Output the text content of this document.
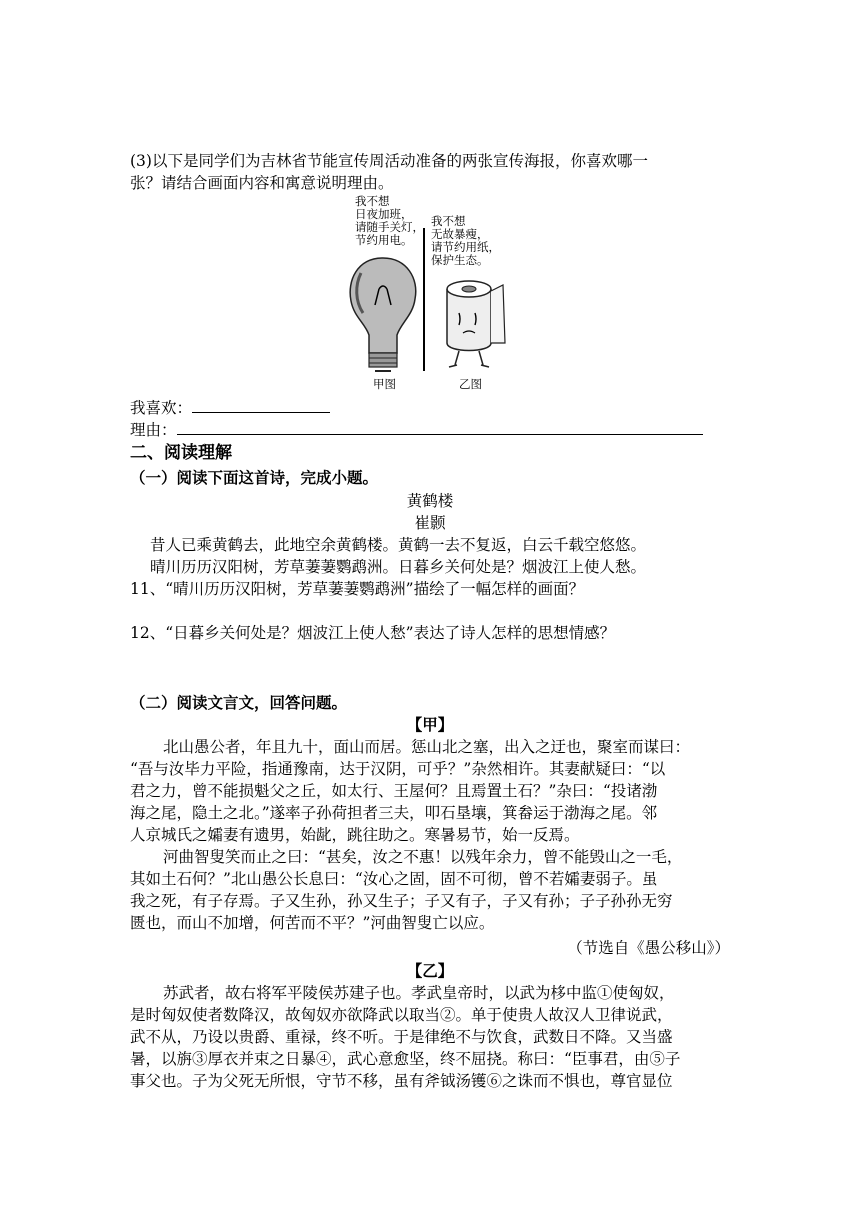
(3)以下是同学们为吉林省节能宣传周活动准备的两张宣传海报，你喜欢哪一
张？请结合画面内容和寓意说明理由。
我不想
日夜加班，
请随手关灯，
节约用电。
我不想
无故暴瘦，
请节约用纸，
保护生态。
甲图	乙图
我喜欢：
理由：
二、阅读理解
（一）阅读下面这首诗，完成小题。
黄鹤楼
崔颢
昔人已乘黄鹤去，此地空余黄鹤楼。黄鹤一去不复返，白云千载空悠悠。
晴川历历汉阳树，芳草萋萋鹦鹉洲。日暮乡关何处是？烟波江上使人愁。
11、“晴川历历汉阳树，芳草萋萋鹦鹉洲”描绘了一幅怎样的画面？
12、“日暮乡关何处是？烟波江上使人愁”表达了诗人怎样的思想情感？
（二）阅读文言文，回答问题。
【甲】
北山愚公者，年且九十，面山而居。惩山北之塞，出入之迂也，聚室而谋曰：
“吾与汝毕力平险，指通豫南，达于汉阴，可乎？”杂然相许。其妻献疑曰：“以
君之力，曾不能损魁父之丘，如太行、王屋何？且焉置土石？”杂曰：“投诸渤
海之尾，隐土之北。”遂率子孙荷担者三夫，叩石垦壤，箕畚运于渤海之尾。邻
人京城氏之孀妻有遗男，始龀，跳往助之。寒暑易节，始一反焉。
河曲智叟笑而止之曰：“甚矣，汝之不惠！以残年余力，曾不能毁山之一毛，
其如土石何？”北山愚公长息曰：“汝心之固，固不可彻，曾不若孀妻弱子。虽
我之死，有子存焉。子又生孙，孙又生子；子又有子，子又有孙；子子孙孙无穷
匮也，而山不加增，何苦而不平？”河曲智叟亡以应。
（节选自《愚公移山》）
【乙】
苏武者，故右将军平陵侯苏建子也。孝武皇帝时，以武为栘中监①使匈奴，
是时匈奴使者数降汉，故匈奴亦欲降武以取当②。单于使贵人故汉人卫律说武，
武不从，乃设以贵爵、重禄，终不听。于是律绝不与饮食，武数日不降。又当盛
暑，以旃③厚衣并束之日暴④，武心意愈坚，终不屈挠。称曰：“臣事君，由⑤子
事父也。子为父死无所恨，守节不移，虽有斧钺汤镬⑥之诛而不惧也，尊官显位
